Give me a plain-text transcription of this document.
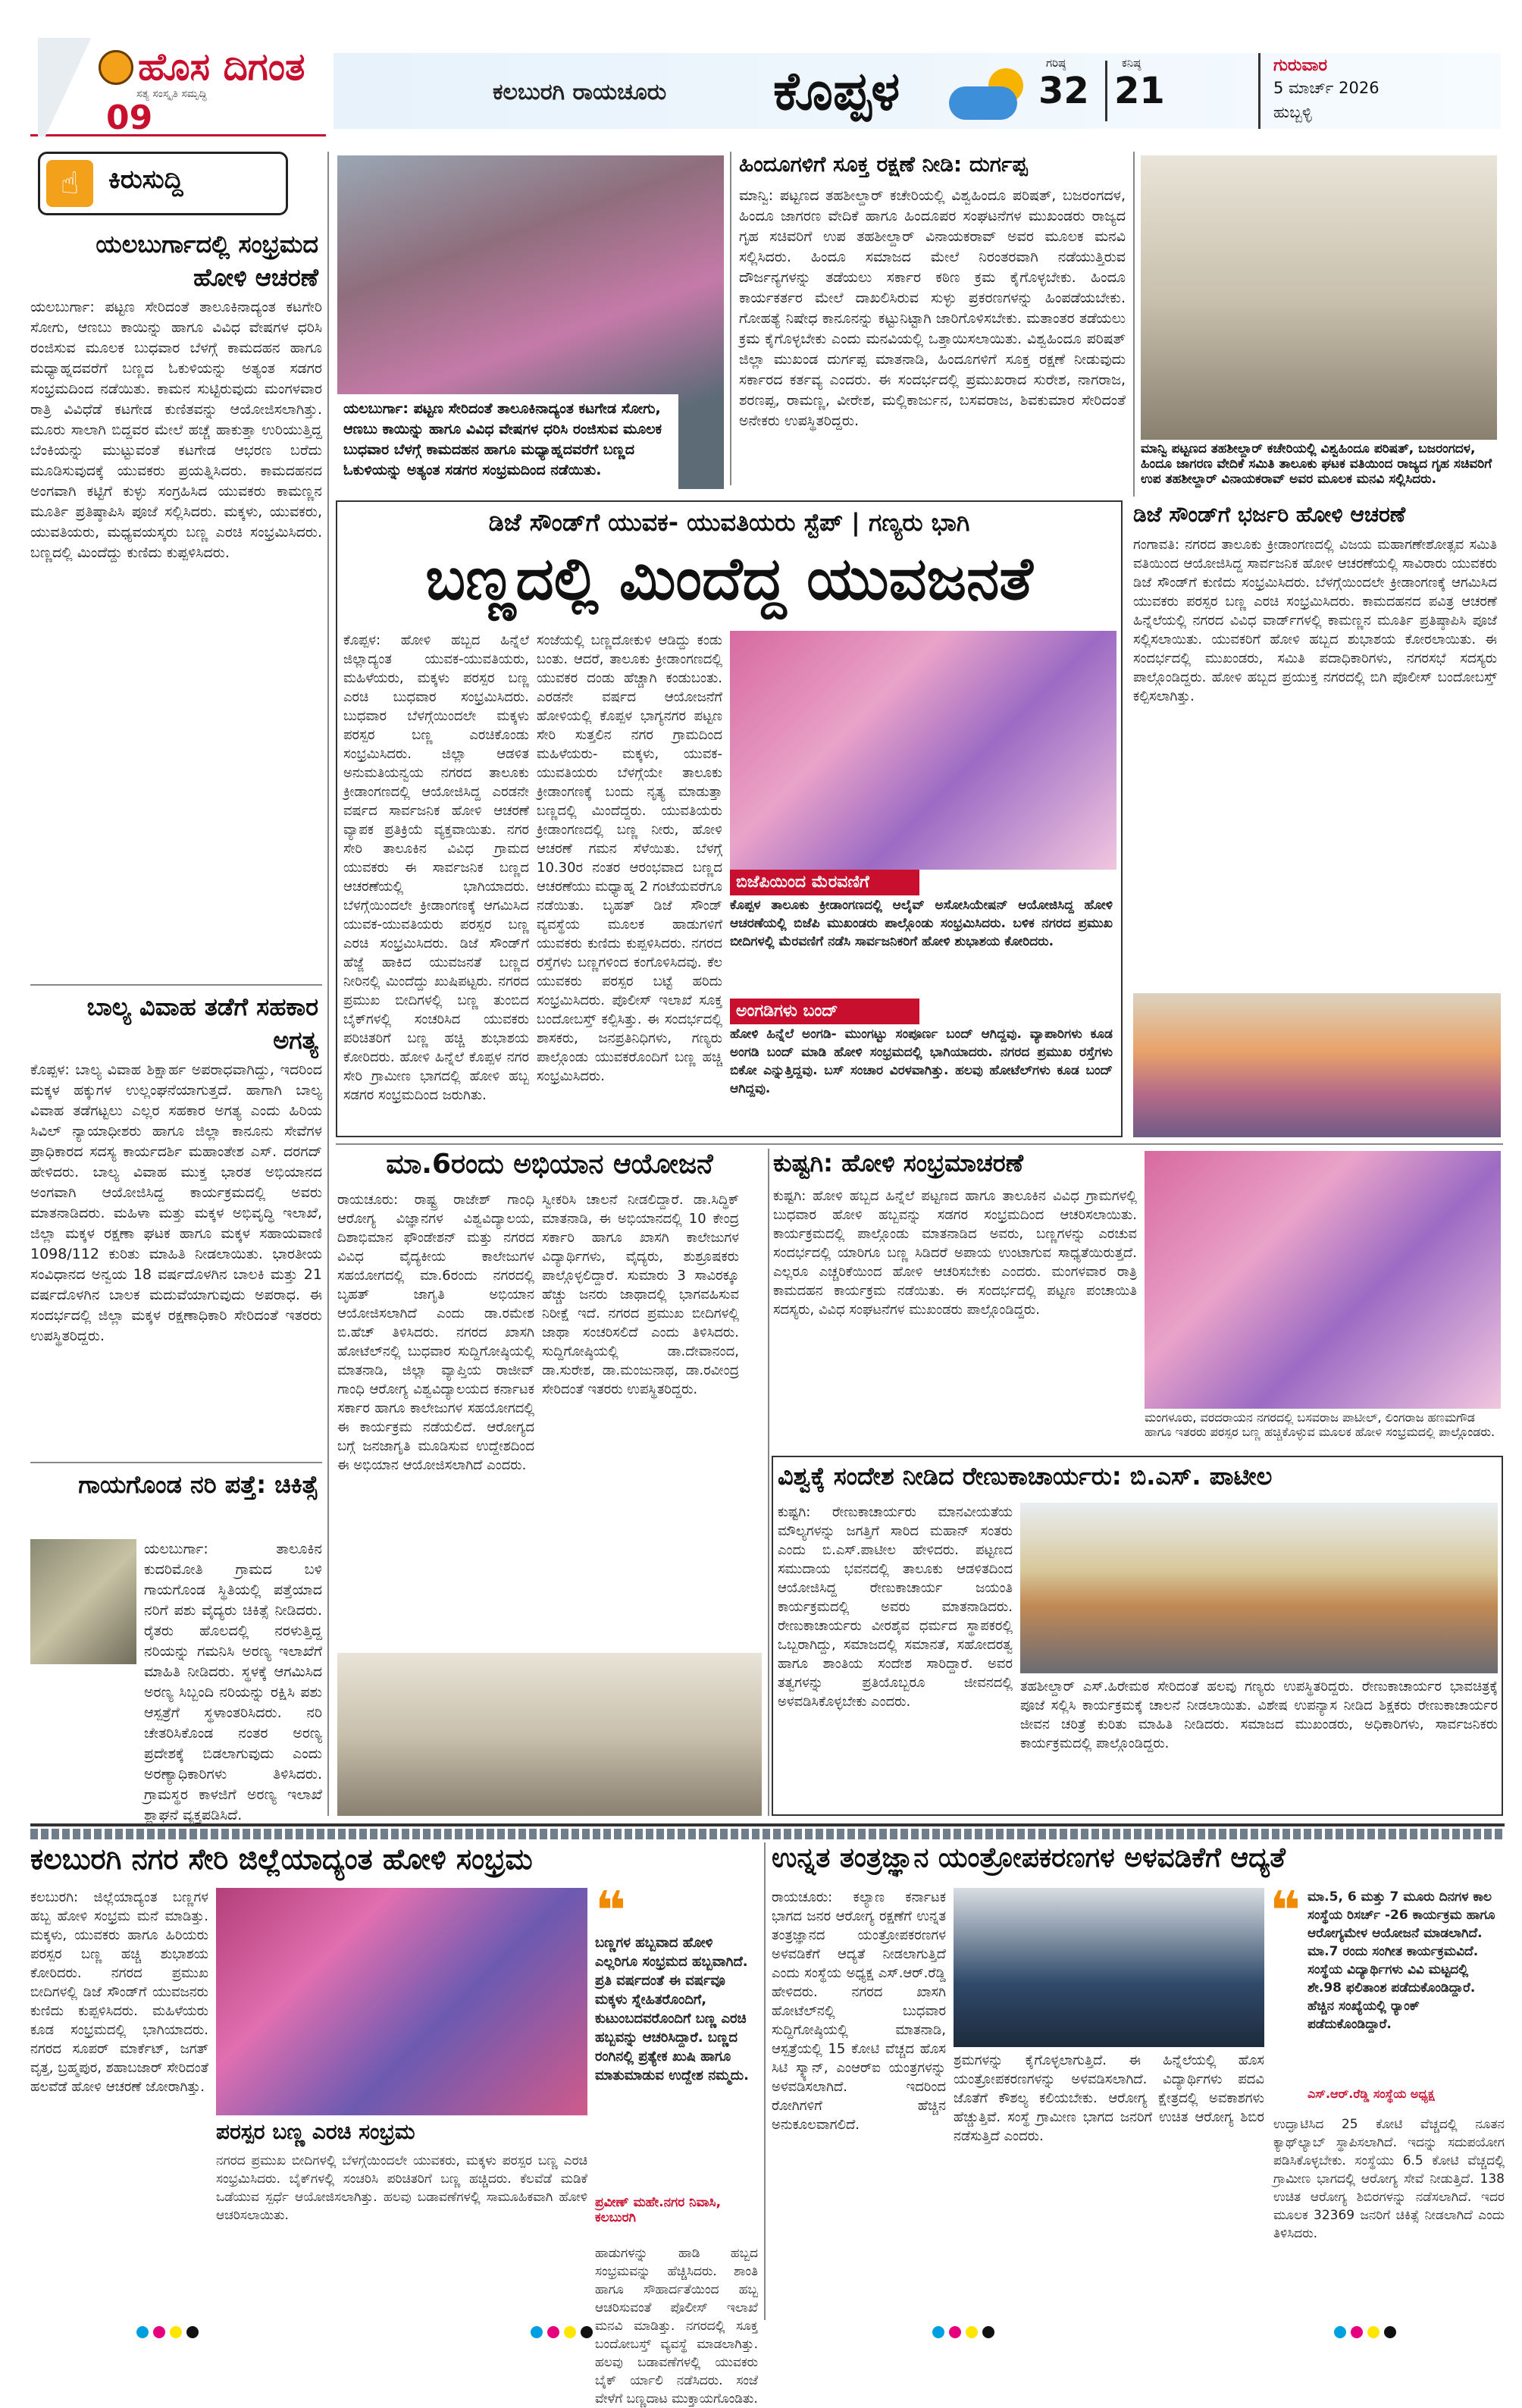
ಹೊಸ ದಿಗಂತ
ಸತ್ಯ ಸಂಸ್ಕೃತಿ ಸಮೃದ್ಧಿ
09
ಕಲಬುರಗಿ ರಾಯಚೂರು	ಕೊಪ್ಪಳ	ಗರಿಷ್ಠ
32
ಕನಿಷ್ಠ
21
ಗುರುವಾರ
5 ಮಾರ್ಚ್ 2026
ಹುಬ್ಬಳ್ಳಿ
☝	ಕಿರುಸುದ್ದಿ
ಯಲಬುರ್ಗಾದಲ್ಲಿ ಸಂಭ್ರಮದ ಹೋಳಿ ಆಚರಣೆ
ಯಲಬುರ್ಗಾ: ಪಟ್ಟಣ ಸೇರಿದಂತೆ ತಾಲೂಕಿನಾದ್ಯಂತ ಕಟಗೇರಿ ಸೋಗು, ಆಣಬು ಕಾಯಿನ್ನು ಹಾಗೂ ವಿವಿಧ ವೇಷಗಳ ಧರಿಸಿ ರಂಜಿಸುವ ಮೂಲಕ ಬುಧವಾರ ಬೆಳಗ್ಗೆ ಕಾಮದಹನ ಹಾಗೂ ಮಧ್ಯಾಹ್ನದವರೆಗೆ ಬಣ್ಣದ ಓಕುಳಿಯನ್ನು ಅತ್ಯಂತ ಸಡಗರ ಸಂಭ್ರಮದಿಂದ ನಡೆಯಿತು. ಕಾಮನ ಸುಟ್ಟಿರುವುದು ಮಂಗಳವಾರ ರಾತ್ರಿ ವಿವಿಧೆಡೆ ಕಟಗೇಡ ಕುಣಿತವನ್ನು ಆಯೋಜಿಸಲಾಗಿತ್ತು. ಮೂರು ಸಾಲಾಗಿ ಬಿದ್ದವರ ಮೇಲೆ ಹಚ್ಚೆ ಹಾಕುತ್ತಾ ಉರಿಯುತ್ತಿದ್ದ ಬೆಂಕಿಯನ್ನು ಮುಟ್ಟುವಂತೆ ಕಟಗೇಡ ಆಭರಣ ಬರೆದು ಮೂಡಿಸುವುದಕ್ಕೆ ಯುವಕರು ಪ್ರಯತ್ನಿಸಿದರು. ಕಾಮದಹನದ ಅಂಗವಾಗಿ ಕಟ್ಟಿಗೆ ಕುಳ್ಳು ಸಂಗ್ರಹಿಸಿದ ಯುವಕರು ಕಾಮಣ್ಣನ ಮೂರ್ತಿ ಪ್ರತಿಷ್ಠಾಪಿಸಿ ಪೂಜೆ ಸಲ್ಲಿಸಿದರು. ಮಕ್ಕಳು, ಯುವಕರು, ಯುವತಿಯರು, ಮಧ್ಯವಯಸ್ಕರು ಬಣ್ಣ ಎರಚಿ ಸಂಭ್ರಮಿಸಿದರು. ಬಣ್ಣದಲ್ಲಿ ಮಿಂದೆದ್ದು ಕುಣಿದು ಕುಪ್ಪಳಿಸಿದರು.
ಬಾಲ್ಯ ವಿವಾಹ ತಡೆಗೆ ಸಹಕಾರ ಅಗತ್ಯ
ಕೊಪ್ಪಳ: ಬಾಲ್ಯ ವಿವಾಹ ಶಿಕ್ಷಾರ್ಹ ಅಪರಾಧವಾಗಿದ್ದು, ಇದರಿಂದ ಮಕ್ಕಳ ಹಕ್ಕುಗಳ ಉಲ್ಲಂಘನೆಯಾಗುತ್ತದೆ. ಹಾಗಾಗಿ ಬಾಲ್ಯ ವಿವಾಹ ತಡೆಗಟ್ಟಲು ಎಲ್ಲರ ಸಹಕಾರ ಅಗತ್ಯ ಎಂದು ಹಿರಿಯ ಸಿವಿಲ್ ನ್ಯಾಯಾಧೀಶರು ಹಾಗೂ ಜಿಲ್ಲಾ ಕಾನೂನು ಸೇವೆಗಳ ಪ್ರಾಧಿಕಾರದ ಸದಸ್ಯ ಕಾರ್ಯದರ್ಶಿ ಮಹಾಂತೇಶ ಎಸ್. ದರಗದ್ ಹೇಳಿದರು. ಬಾಲ್ಯ ವಿವಾಹ ಮುಕ್ತ ಭಾರತ ಅಭಿಯಾನದ ಅಂಗವಾಗಿ ಆಯೋಜಿಸಿದ್ದ ಕಾರ್ಯಕ್ರಮದಲ್ಲಿ ಅವರು ಮಾತನಾಡಿದರು. ಮಹಿಳಾ ಮತ್ತು ಮಕ್ಕಳ ಅಭಿವೃದ್ಧಿ ಇಲಾಖೆ, ಜಿಲ್ಲಾ ಮಕ್ಕಳ ರಕ್ಷಣಾ ಘಟಕ ಹಾಗೂ ಮಕ್ಕಳ ಸಹಾಯವಾಣಿ 1098/112 ಕುರಿತು ಮಾಹಿತಿ ನೀಡಲಾಯಿತು. ಭಾರತೀಯ ಸಂವಿಧಾನದ ಅನ್ವಯ 18 ವರ್ಷದೊಳಗಿನ ಬಾಲಕಿ ಮತ್ತು 21 ವರ್ಷದೊಳಗಿನ ಬಾಲಕ ಮದುವೆಯಾಗುವುದು ಅಪರಾಧ. ಈ ಸಂದರ್ಭದಲ್ಲಿ ಜಿಲ್ಲಾ ಮಕ್ಕಳ ರಕ್ಷಣಾಧಿಕಾರಿ ಸೇರಿದಂತೆ ಇತರರು ಉಪಸ್ಥಿತರಿದ್ದರು.
ಗಾಯಗೊಂಡ ನರಿ ಪತ್ತೆ: ಚಿಕಿತ್ಸೆ
ಯಲಬುರ್ಗಾ: ತಾಲೂಕಿನ ಕುದರಿಮೋತಿ ಗ್ರಾಮದ ಬಳಿ ಗಾಯಗೊಂಡ ಸ್ಥಿತಿಯಲ್ಲಿ ಪತ್ತೆಯಾದ ನರಿಗೆ ಪಶು ವೈದ್ಯರು ಚಿಕಿತ್ಸೆ ನೀಡಿದರು. ರೈತರು ಹೊಲದಲ್ಲಿ ನರಳುತ್ತಿದ್ದ ನರಿಯನ್ನು ಗಮನಿಸಿ ಅರಣ್ಯ ಇಲಾಖೆಗೆ ಮಾಹಿತಿ ನೀಡಿದರು. ಸ್ಥಳಕ್ಕೆ ಆಗಮಿಸಿದ ಅರಣ್ಯ ಸಿಬ್ಬಂದಿ ನರಿಯನ್ನು ರಕ್ಷಿಸಿ ಪಶು ಆಸ್ಪತ್ರೆಗೆ ಸ್ಥಳಾಂತರಿಸಿದರು. ನರಿ ಚೇತರಿಸಿಕೊಂಡ ನಂತರ ಅರಣ್ಯ ಪ್ರದೇಶಕ್ಕೆ ಬಿಡಲಾಗುವುದು ಎಂದು ಅರಣ್ಯಾಧಿಕಾರಿಗಳು ತಿಳಿಸಿದರು. ಗ್ರಾಮಸ್ಥರ ಕಾಳಜಿಗೆ ಅರಣ್ಯ ಇಲಾಖೆ ಶ್ಲಾಘನೆ ವ್ಯಕ್ತಪಡಿಸಿದೆ.
ಯಲಬುರ್ಗಾ: ಪಟ್ಟಣ ಸೇರಿದಂತೆ ತಾಲೂಕಿನಾದ್ಯಂತ ಕಟಗೇಡ ಸೋಗು, ಆಣಬು ಕಾಯಿನ್ನು ಹಾಗೂ ವಿವಿಧ ವೇಷಗಳ ಧರಿಸಿ ರಂಜಿಸುವ ಮೂಲಕ ಬುಧವಾರ ಬೆಳಗ್ಗೆ ಕಾಮದಹನ ಹಾಗೂ ಮಧ್ಯಾಹ್ನದವರೆಗೆ ಬಣ್ಣದ ಓಕುಳಿಯನ್ನು ಅತ್ಯಂತ ಸಡಗರ ಸಂಭ್ರಮದಿಂದ ನಡೆಯಿತು.
ಹಿಂದೂಗಳಿಗೆ ಸೂಕ್ತ ರಕ್ಷಣೆ ನೀಡಿ: ದುರ್ಗಪ್ಪ
ಮಾನ್ವಿ: ಪಟ್ಟಣದ ತಹಶೀಲ್ದಾರ್ ಕಚೇರಿಯಲ್ಲಿ ವಿಶ್ವಹಿಂದೂ ಪರಿಷತ್, ಬಜರಂಗದಳ, ಹಿಂದೂ ಜಾಗರಣ ವೇದಿಕೆ ಹಾಗೂ ಹಿಂದೂಪರ ಸಂಘಟನೆಗಳ ಮುಖಂಡರು ರಾಜ್ಯದ ಗೃಹ ಸಚಿವರಿಗೆ ಉಪ ತಹಶೀಲ್ದಾರ್ ವಿನಾಯಕರಾವ್ ಅವರ ಮೂಲಕ ಮನವಿ ಸಲ್ಲಿಸಿದರು. ಹಿಂದೂ ಸಮಾಜದ ಮೇಲೆ ನಿರಂತರವಾಗಿ ನಡೆಯುತ್ತಿರುವ ದೌರ್ಜನ್ಯಗಳನ್ನು ತಡೆಯಲು ಸರ್ಕಾರ ಕಠಿಣ ಕ್ರಮ ಕೈಗೊಳ್ಳಬೇಕು. ಹಿಂದೂ ಕಾರ್ಯಕರ್ತರ ಮೇಲೆ ದಾಖಲಿಸಿರುವ ಸುಳ್ಳು ಪ್ರಕರಣಗಳನ್ನು ಹಿಂಪಡೆಯಬೇಕು. ಗೋಹತ್ಯೆ ನಿಷೇಧ ಕಾನೂನನ್ನು ಕಟ್ಟುನಿಟ್ಟಾಗಿ ಜಾರಿಗೊಳಿಸಬೇಕು. ಮತಾಂತರ ತಡೆಯಲು ಕ್ರಮ ಕೈಗೊಳ್ಳಬೇಕು ಎಂದು ಮನವಿಯಲ್ಲಿ ಒತ್ತಾಯಿಸಲಾಯಿತು. ವಿಶ್ವಹಿಂದೂ ಪರಿಷತ್ ಜಿಲ್ಲಾ ಮುಖಂಡ ದುರ್ಗಪ್ಪ ಮಾತನಾಡಿ, ಹಿಂದೂಗಳಿಗೆ ಸೂಕ್ತ ರಕ್ಷಣೆ ನೀಡುವುದು ಸರ್ಕಾರದ ಕರ್ತವ್ಯ ಎಂದರು. ಈ ಸಂದರ್ಭದಲ್ಲಿ ಪ್ರಮುಖರಾದ ಸುರೇಶ, ನಾಗರಾಜ, ಶರಣಪ್ಪ, ರಾಮಣ್ಣ, ವೀರೇಶ, ಮಲ್ಲಿಕಾರ್ಜುನ, ಬಸವರಾಜ, ಶಿವಕುಮಾರ ಸೇರಿದಂತೆ ಅನೇಕರು ಉಪಸ್ಥಿತರಿದ್ದರು.
ಮಾನ್ವಿ ಪಟ್ಟಣದ ತಹಶೀಲ್ದಾರ್ ಕಚೇರಿಯಲ್ಲಿ ವಿಶ್ವಹಿಂದೂ ಪರಿಷತ್, ಬಜರಂಗದಳ, ಹಿಂದೂ ಜಾಗರಣ ವೇದಿಕೆ ಸಮಿತಿ ತಾಲೂಕು ಘಟಕ ವತಿಯಿಂದ ರಾಜ್ಯದ ಗೃಹ ಸಚಿವರಿಗೆ ಉಪ ತಹಶೀಲ್ದಾರ್ ವಿನಾಯಕರಾವ್ ಅವರ ಮೂಲಕ ಮನವಿ ಸಲ್ಲಿಸಿದರು.
ಡಿಜೆ ಸೌಂಡ್‌ಗೆ ಯುವಕ- ಯುವತಿಯರು ಸ್ಟೆಪ್ | ಗಣ್ಯರು ಭಾಗಿ
ಬಣ್ಣದಲ್ಲಿ ಮಿಂದೆದ್ದ ಯುವಜನತೆ
ಕೊಪ್ಪಳ: ಹೋಳಿ ಹಬ್ಬದ ಹಿನ್ನೆಲೆ ಜಿಲ್ಲಾದ್ಯಂತ ಯುವಕ-ಯುವತಿಯರು, ಮಹಿಳೆಯರು, ಮಕ್ಕಳು ಪರಸ್ಪರ ಬಣ್ಣ ಎರಚಿ ಬುಧವಾರ ಸಂಭ್ರಮಿಸಿದರು. ಬುಧವಾರ ಬೆಳಗ್ಗೆಯಿಂದಲೇ ಮಕ್ಕಳು ಪರಸ್ಪರ ಬಣ್ಣ ಎರಚಿಕೊಂಡು ಸಂಭ್ರಮಿಸಿದರು. ಜಿಲ್ಲಾ ಆಡಳಿತ ಅನುಮತಿಯನ್ವಯ ನಗರದ ತಾಲೂಕು ಕ್ರೀಡಾಂಗಣದಲ್ಲಿ ಆಯೋಜಿಸಿದ್ದ ಎರಡನೇ ವರ್ಷದ ಸಾರ್ವಜನಿಕ ಹೋಳಿ ಆಚರಣೆ ವ್ಯಾಪಕ ಪ್ರತಿಕ್ರಿಯೆ ವ್ಯಕ್ತವಾಯಿತು. ನಗರ ಸೇರಿ ತಾಲೂಕಿನ ವಿವಿಧ ಗ್ರಾಮದ ಯುವಕರು ಈ ಸಾರ್ವಜನಿಕ ಬಣ್ಣದ ಆಚರಣೆಯಲ್ಲಿ ಭಾಗಿಯಾದರು. ಬೆಳಗ್ಗೆಯಿಂದಲೇ ಕ್ರೀಡಾಂಗಣಕ್ಕೆ ಆಗಮಿಸಿದ ಯುವಕ-ಯುವತಿಯರು ಪರಸ್ಪರ ಬಣ್ಣ ಎರಚಿ ಸಂಭ್ರಮಿಸಿದರು. ಡಿಜೆ ಸೌಂಡ್‌ಗೆ ಹೆಜ್ಜೆ ಹಾಕಿದ ಯುವಜನತೆ ಬಣ್ಣದ ನೀರಿನಲ್ಲಿ ಮಿಂದೆದ್ದು ಖುಷಿಪಟ್ಟರು. ನಗರದ ಪ್ರಮುಖ ಬೀದಿಗಳಲ್ಲಿ ಬಣ್ಣ ತುಂಬಿದ ಬೈಕ್‌ಗಳಲ್ಲಿ ಸಂಚರಿಸಿದ ಯುವಕರು ಪರಿಚಿತರಿಗೆ ಬಣ್ಣ ಹಚ್ಚಿ ಶುಭಾಶಯ ಕೋರಿದರು. ಹೋಳಿ ಹಿನ್ನೆಲೆ ಕೊಪ್ಪಳ ನಗರ ಸೇರಿ ಗ್ರಾಮೀಣ ಭಾಗದಲ್ಲಿ ಹೋಳಿ ಹಬ್ಬ ಸಡಗರ ಸಂಭ್ರಮದಿಂದ ಜರುಗಿತು.
ಸಂಜೆಯಲ್ಲಿ ಬಣ್ಣದೋಕುಳಿ ಆಡಿದ್ದು ಕಂಡು ಬಂತು. ಆದರೆ, ತಾಲೂಕು ಕ್ರೀಡಾಂಗಣದಲ್ಲಿ ಯುವಕರ ದಂಡು ಹೆಚ್ಚಾಗಿ ಕಂಡುಬಂತು. ಎರಡನೇ ವರ್ಷದ ಆಯೋಜನೆಗೆ ಹೋಳಿಯಲ್ಲಿ ಕೊಪ್ಪಳ ಭಾಗ್ಯನಗರ ಪಟ್ಟಣ ಸೇರಿ ಸುತ್ತಲಿನ ನಗರ ಗ್ರಾಮದಿಂದ ಮಹಿಳೆಯರು- ಮಕ್ಕಳು, ಯುವಕ-ಯುವತಿಯರು ಬೆಳಗ್ಗೆಯೇ ತಾಲೂಕು ಕ್ರೀಡಾಂಗಣಕ್ಕೆ ಬಂದು ನೃತ್ಯ ಮಾಡುತ್ತಾ ಬಣ್ಣದಲ್ಲಿ ಮಿಂದೆದ್ದರು. ಯುವತಿಯರು ಕ್ರೀಡಾಂಗಣದಲ್ಲಿ ಬಣ್ಣ ನೀರು, ಹೋಳಿ ಆಚರಣೆ ಗಮನ ಸೆಳೆಯಿತು. ಬೆಳಗ್ಗೆ 10.30ರ ನಂತರ ಆರಂಭವಾದ ಬಣ್ಣದ ಆಚರಣೆಯು ಮಧ್ಯಾಹ್ನ 2 ಗಂಟೆಯವರೆಗೂ ನಡೆಯಿತು. ಬೃಹತ್ ಡಿಜೆ ಸೌಂಡ್ ವ್ಯವಸ್ಥೆಯ ಮೂಲಕ ಹಾಡುಗಳಿಗೆ ಯುವಕರು ಕುಣಿದು ಕುಪ್ಪಳಿಸಿದರು. ನಗರದ ರಸ್ತೆಗಳು ಬಣ್ಣಗಳಿಂದ ಕಂಗೊಳಿಸಿದವು. ಕೆಲ ಯುವಕರು ಪರಸ್ಪರ ಬಟ್ಟೆ ಹರಿದು ಸಂಭ್ರಮಿಸಿದರು. ಪೊಲೀಸ್ ಇಲಾಖೆ ಸೂಕ್ತ ಬಂದೋಬಸ್ತ್ ಕಲ್ಪಿಸಿತ್ತು. ಈ ಸಂದರ್ಭದಲ್ಲಿ ಶಾಸಕರು, ಜನಪ್ರತಿನಿಧಿಗಳು, ಗಣ್ಯರು ಪಾಲ್ಗೊಂಡು ಯುವಕರೊಂದಿಗೆ ಬಣ್ಣ ಹಚ್ಚಿ ಸಂಭ್ರಮಿಸಿದರು.
ಬಿಜೆಪಿಯಿಂದ ಮೆರವಣಿಗೆ
ಕೊಪ್ಪಳ ತಾಲೂಕು ಕ್ರೀಡಾಂಗಣದಲ್ಲಿ ಆಲೈವ್ ಅಸೋಸಿಯೇಷನ್ ಆಯೋಜಿಸಿದ್ದ ಹೋಳಿ ಆಚರಣೆಯಲ್ಲಿ ಬಿಜೆಪಿ ಮುಖಂಡರು ಪಾಲ್ಗೊಂಡು ಸಂಭ್ರಮಿಸಿದರು. ಬಳಿಕ ನಗರದ ಪ್ರಮುಖ ಬೀದಿಗಳಲ್ಲಿ ಮೆರವಣಿಗೆ ನಡೆಸಿ ಸಾರ್ವಜನಿಕರಿಗೆ ಹೋಳಿ ಶುಭಾಶಯ ಕೋರಿದರು.
ಅಂಗಡಿಗಳು ಬಂದ್
ಹೋಳಿ ಹಿನ್ನೆಲೆ ಅಂಗಡಿ- ಮುಂಗಟ್ಟು ಸಂಪೂರ್ಣ ಬಂದ್ ಆಗಿದ್ದವು. ವ್ಯಾಪಾರಿಗಳು ಕೂಡ ಅಂಗಡಿ ಬಂದ್ ಮಾಡಿ ಹೋಳಿ ಸಂಭ್ರಮದಲ್ಲಿ ಭಾಗಿಯಾದರು. ನಗರದ ಪ್ರಮುಖ ರಸ್ತೆಗಳು ಬಿಕೋ ಎನ್ನುತ್ತಿದ್ದವು. ಬಸ್ ಸಂಚಾರ ವಿರಳವಾಗಿತ್ತು. ಹಲವು ಹೋಟೆಲ್‌ಗಳು ಕೂಡ ಬಂದ್ ಆಗಿದ್ದವು.
ಡಿಜೆ ಸೌಂಡ್‌ಗೆ ಭರ್ಜರಿ ಹೋಳಿ ಆಚರಣೆ
ಗಂಗಾವತಿ: ನಗರದ ತಾಲೂಕು ಕ್ರೀಡಾಂಗಣದಲ್ಲಿ ವಿಜಯ ಮಹಾಗಣೇಶೋತ್ಸವ ಸಮಿತಿ ವತಿಯಿಂದ ಆಯೋಜಿಸಿದ್ದ ಸಾರ್ವಜನಿಕ ಹೋಳಿ ಆಚರಣೆಯಲ್ಲಿ ಸಾವಿರಾರು ಯುವಕರು ಡಿಜೆ ಸೌಂಡ್‌ಗೆ ಕುಣಿದು ಸಂಭ್ರಮಿಸಿದರು. ಬೆಳಗ್ಗೆಯಿಂದಲೇ ಕ್ರೀಡಾಂಗಣಕ್ಕೆ ಆಗಮಿಸಿದ ಯುವಕರು ಪರಸ್ಪರ ಬಣ್ಣ ಎರಚಿ ಸಂಭ್ರಮಿಸಿದರು. ಕಾಮದಹನದ ಪವಿತ್ರ ಆಚರಣೆ ಹಿನ್ನೆಲೆಯಲ್ಲಿ ನಗರದ ವಿವಿಧ ವಾರ್ಡ್‌ಗಳಲ್ಲಿ ಕಾಮಣ್ಣನ ಮೂರ್ತಿ ಪ್ರತಿಷ್ಠಾಪಿಸಿ ಪೂಜೆ ಸಲ್ಲಿಸಲಾಯಿತು. ಯುವಕರಿಗೆ ಹೋಳಿ ಹಬ್ಬದ ಶುಭಾಶಯ ಕೋರಲಾಯಿತು. ಈ ಸಂದರ್ಭದಲ್ಲಿ ಮುಖಂಡರು, ಸಮಿತಿ ಪದಾಧಿಕಾರಿಗಳು, ನಗರಸಭೆ ಸದಸ್ಯರು ಪಾಲ್ಗೊಂಡಿದ್ದರು. ಹೋಳಿ ಹಬ್ಬದ ಪ್ರಯುಕ್ತ ನಗರದಲ್ಲಿ ಬಿಗಿ ಪೊಲೀಸ್ ಬಂದೋಬಸ್ತ್ ಕಲ್ಪಿಸಲಾಗಿತ್ತು.
ಮಾ.6ರಂದು ಅಭಿಯಾನ ಆಯೋಜನೆ
ರಾಯಚೂರು: ರಾಷ್ಟ್ರ ರಾಜೇಶ್ ಗಾಂಧಿ ಆರೋಗ್ಯ ವಿಜ್ಞಾನಗಳ ವಿಶ್ವವಿದ್ಯಾಲಯ, ದಿಶಾಭಿಮಾನ ಫೌಂಡೇಶನ್ ಮತ್ತು ನಗರದ ವಿವಿಧ ವೈದ್ಯಕೀಯ ಕಾಲೇಜುಗಳ ಸಹಯೋಗದಲ್ಲಿ ಮಾ.6ರಂದು ನಗರದಲ್ಲಿ ಬೃಹತ್ ಜಾಗೃತಿ ಅಭಿಯಾನ ಆಯೋಜಿಸಲಾಗಿದೆ ಎಂದು ಡಾ.ರಮೇಶ ಬಿ.ಹೆಚ್ ತಿಳಿಸಿದರು. ನಗರದ ಖಾಸಗಿ ಹೋಟೆಲ್‌ನಲ್ಲಿ ಬುಧವಾರ ಸುದ್ದಿಗೋಷ್ಠಿಯಲ್ಲಿ ಮಾತನಾಡಿ, ಜಿಲ್ಲಾ ವ್ಯಾಪ್ತಿಯ ರಾಜೀವ್ ಗಾಂಧಿ ಆರೋಗ್ಯ ವಿಶ್ವವಿದ್ಯಾಲಯದ ಕರ್ನಾಟಕ ಸರ್ಕಾರ ಹಾಗೂ ಕಾಲೇಜುಗಳ ಸಹಯೋಗದಲ್ಲಿ ಈ ಕಾರ್ಯಕ್ರಮ ನಡೆಯಲಿದೆ. ಆರೋಗ್ಯದ ಬಗ್ಗೆ ಜನಜಾಗೃತಿ ಮೂಡಿಸುವ ಉದ್ದೇಶದಿಂದ ಈ ಅಭಿಯಾನ ಆಯೋಜಿಸಲಾಗಿದೆ ಎಂದರು.
ಸ್ವೀಕರಿಸಿ ಚಾಲನೆ ನೀಡಲಿದ್ದಾರೆ. ಡಾ.ಸಿದ್ಧಿಕ್ ಮಾತನಾಡಿ, ಈ ಅಭಿಯಾನದಲ್ಲಿ 10 ಕೇಂದ್ರ ಸರ್ಕಾರಿ ಹಾಗೂ ಖಾಸಗಿ ಕಾಲೇಜುಗಳ ವಿದ್ಯಾರ್ಥಿಗಳು, ವೈದ್ಯರು, ಶುಶ್ರೂಷಕರು ಪಾಲ್ಗೊಳ್ಳಲಿದ್ದಾರೆ. ಸುಮಾರು 3 ಸಾವಿರಕ್ಕೂ ಹೆಚ್ಚು ಜನರು ಜಾಥಾದಲ್ಲಿ ಭಾಗವಹಿಸುವ ನಿರೀಕ್ಷೆ ಇದೆ. ನಗರದ ಪ್ರಮುಖ ಬೀದಿಗಳಲ್ಲಿ ಜಾಥಾ ಸಂಚರಿಸಲಿದೆ ಎಂದು ತಿಳಿಸಿದರು. ಸುದ್ದಿಗೋಷ್ಠಿಯಲ್ಲಿ ಡಾ.ದೇವಾನಂದ, ಡಾ.ಸುರೇಶ, ಡಾ.ಮಂಜುನಾಥ, ಡಾ.ರವೀಂದ್ರ ಸೇರಿದಂತೆ ಇತರರು ಉಪಸ್ಥಿತರಿದ್ದರು.
ಕುಷ್ಟಗಿ: ಹೋಳಿ ಸಂಭ್ರಮಾಚರಣೆ
ಕುಷ್ಟಗಿ: ಹೋಳಿ ಹಬ್ಬದ ಹಿನ್ನೆಲೆ ಪಟ್ಟಣದ ಹಾಗೂ ತಾಲೂಕಿನ ವಿವಿಧ ಗ್ರಾಮಗಳಲ್ಲಿ ಬುಧವಾರ ಹೋಳಿ ಹಬ್ಬವನ್ನು ಸಡಗರ ಸಂಭ್ರಮದಿಂದ ಆಚರಿಸಲಾಯಿತು. ಕಾರ್ಯಕ್ರಮದಲ್ಲಿ ಪಾಲ್ಗೊಂಡು ಮಾತನಾಡಿದ ಅವರು, ಬಣ್ಣಗಳನ್ನು ಎರಚುವ ಸಂದರ್ಭದಲ್ಲಿ ಯಾರಿಗೂ ಬಣ್ಣ ಸಿಡಿದರೆ ಅಪಾಯ ಉಂಟಾಗುವ ಸಾಧ್ಯತೆಯಿರುತ್ತದೆ. ಎಲ್ಲರೂ ಎಚ್ಚರಿಕೆಯಿಂದ ಹೋಳಿ ಆಚರಿಸಬೇಕು ಎಂದರು. ಮಂಗಳವಾರ ರಾತ್ರಿ ಕಾಮದಹನ ಕಾರ್ಯಕ್ರಮ ನಡೆಯಿತು. ಈ ಸಂದರ್ಭದಲ್ಲಿ ಪಟ್ಟಣ ಪಂಚಾಯಿತಿ ಸದಸ್ಯರು, ವಿವಿಧ ಸಂಘಟನೆಗಳ ಮುಖಂಡರು ಪಾಲ್ಗೊಂಡಿದ್ದರು.
ಮಂಗಳೂರು, ವರದರಾಯನ ನಗರದಲ್ಲಿ ಬಸವರಾಜ ಪಾಟೀಲ್, ಲಿಂಗರಾಜ ಹಣಮಗೌಡ ಹಾಗೂ ಇತರರು ಪರಸ್ಪರ ಬಣ್ಣ ಹಚ್ಚಿಕೊಳ್ಳುವ ಮೂಲಕ ಹೋಳಿ ಸಂಭ್ರಮದಲ್ಲಿ ಪಾಲ್ಗೊಂಡರು.
ವಿಶ್ವಕ್ಕೆ ಸಂದೇಶ ನೀಡಿದ ರೇಣುಕಾಚಾರ್ಯರು: ಬಿ.ಎಸ್. ಪಾಟೀಲ
ಕುಷ್ಟಗಿ: ರೇಣುಕಾಚಾರ್ಯರು ಮಾನವೀಯತೆಯ ಮೌಲ್ಯಗಳನ್ನು ಜಗತ್ತಿಗೆ ಸಾರಿದ ಮಹಾನ್ ಸಂತರು ಎಂದು ಬಿ.ಎಸ್.ಪಾಟೀಲ ಹೇಳಿದರು. ಪಟ್ಟಣದ ಸಮುದಾಯ ಭವನದಲ್ಲಿ ತಾಲೂಕು ಆಡಳಿತದಿಂದ ಆಯೋಜಿಸಿದ್ದ ರೇಣುಕಾಚಾರ್ಯ ಜಯಂತಿ ಕಾರ್ಯಕ್ರಮದಲ್ಲಿ ಅವರು ಮಾತನಾಡಿದರು. ರೇಣುಕಾಚಾರ್ಯರು ವೀರಶೈವ ಧರ್ಮದ ಸ್ಥಾಪಕರಲ್ಲಿ ಒಬ್ಬರಾಗಿದ್ದು, ಸಮಾಜದಲ್ಲಿ ಸಮಾನತೆ, ಸಹೋದರತ್ವ ಹಾಗೂ ಶಾಂತಿಯ ಸಂದೇಶ ಸಾರಿದ್ದಾರೆ. ಅವರ ತತ್ವಗಳನ್ನು ಪ್ರತಿಯೊಬ್ಬರೂ ಜೀವನದಲ್ಲಿ ಅಳವಡಿಸಿಕೊಳ್ಳಬೇಕು ಎಂದರು.
ತಹಶೀಲ್ದಾರ್ ಎಸ್.ಹಿರೇಮಠ ಸೇರಿದಂತೆ ಹಲವು ಗಣ್ಯರು ಉಪಸ್ಥಿತರಿದ್ದರು. ರೇಣುಕಾಚಾರ್ಯರ ಭಾವಚಿತ್ರಕ್ಕೆ ಪೂಜೆ ಸಲ್ಲಿಸಿ ಕಾರ್ಯಕ್ರಮಕ್ಕೆ ಚಾಲನೆ ನೀಡಲಾಯಿತು. ವಿಶೇಷ ಉಪನ್ಯಾಸ ನೀಡಿದ ಶಿಕ್ಷಕರು ರೇಣುಕಾಚಾರ್ಯರ ಜೀವನ ಚರಿತ್ರೆ ಕುರಿತು ಮಾಹಿತಿ ನೀಡಿದರು. ಸಮಾಜದ ಮುಖಂಡರು, ಅಧಿಕಾರಿಗಳು, ಸಾರ್ವಜನಿಕರು ಕಾರ್ಯಕ್ರಮದಲ್ಲಿ ಪಾಲ್ಗೊಂಡಿದ್ದರು.
ಕಲಬುರಗಿ ನಗರ ಸೇರಿ ಜಿಲ್ಲೆಯಾದ್ಯಂತ ಹೋಳಿ ಸಂಭ್ರಮ
ಕಲಬುರಗಿ: ಜಿಲ್ಲೆಯಾದ್ಯಂತ ಬಣ್ಣಗಳ ಹಬ್ಬ ಹೋಳಿ ಸಂಭ್ರಮ ಮನೆ ಮಾಡಿತ್ತು. ಮಕ್ಕಳು, ಯುವಕರು ಹಾಗೂ ಹಿರಿಯರು ಪರಸ್ಪರ ಬಣ್ಣ ಹಚ್ಚಿ ಶುಭಾಶಯ ಕೋರಿದರು. ನಗರದ ಪ್ರಮುಖ ಬೀದಿಗಳಲ್ಲಿ ಡಿಜೆ ಸೌಂಡ್‌ಗೆ ಯುವಜನರು ಕುಣಿದು ಕುಪ್ಪಳಿಸಿದರು. ಮಹಿಳೆಯರು ಕೂಡ ಸಂಭ್ರಮದಲ್ಲಿ ಭಾಗಿಯಾದರು. ನಗರದ ಸೂಪರ್ ಮಾರ್ಕೆಟ್, ಜಗತ್ ವೃತ್ತ, ಬ್ರಹ್ಮಪುರ, ಶಹಾಬಜಾರ್ ಸೇರಿದಂತೆ ಹಲವೆಡೆ ಹೋಳಿ ಆಚರಣೆ ಜೋರಾಗಿತ್ತು.
ಪರಸ್ಪರ ಬಣ್ಣ ಎರಚಿ ಸಂಭ್ರಮ
ನಗರದ ಪ್ರಮುಖ ಬೀದಿಗಳಲ್ಲಿ ಬೆಳಗ್ಗೆಯಿಂದಲೇ ಯುವಕರು, ಮಕ್ಕಳು ಪರಸ್ಪರ ಬಣ್ಣ ಎರಚಿ ಸಂಭ್ರಮಿಸಿದರು. ಬೈಕ್‌ಗಳಲ್ಲಿ ಸಂಚರಿಸಿ ಪರಿಚಿತರಿಗೆ ಬಣ್ಣ ಹಚ್ಚಿದರು. ಕೆಲವೆಡೆ ಮಡಿಕೆ ಒಡೆಯುವ ಸ್ಪರ್ಧೆ ಆಯೋಜಿಸಲಾಗಿತ್ತು. ಹಲವು ಬಡಾವಣೆಗಳಲ್ಲಿ ಸಾಮೂಹಿಕವಾಗಿ ಹೋಳಿ ಆಚರಿಸಲಾಯಿತು.
❝
ಬಣ್ಣಗಳ ಹಬ್ಬವಾದ ಹೋಳಿ ಎಲ್ಲರಿಗೂ ಸಂಭ್ರಮದ ಹಬ್ಬವಾಗಿದೆ. ಪ್ರತಿ ವರ್ಷದಂತೆ ಈ ವರ್ಷವೂ ಮಕ್ಕಳು ಸ್ನೇಹಿತರೊಂದಿಗೆ, ಕುಟುಂಬದವರೊಂದಿಗೆ ಬಣ್ಣ ಎರಚಿ ಹಬ್ಬವನ್ನು ಆಚರಿಸಿದ್ದಾರೆ. ಬಣ್ಣದ ರಂಗಿನಲ್ಲಿ ಪ್ರತ್ಯೇಕ ಖುಷಿ ಹಾಗೂ ಮಾತುಮಾಡುವ ಉದ್ದೇಶ ನಮ್ಮದು.
ಪ್ರವೀಣ್ ಮಹೇ.ನಗರ ನಿವಾಸಿ, ಕಲಬುರಗಿ
ಹಾಡುಗಳನ್ನು ಹಾಡಿ ಹಬ್ಬದ ಸಂಭ್ರಮವನ್ನು ಹೆಚ್ಚಿಸಿದರು. ಶಾಂತಿ ಹಾಗೂ ಸೌಹಾರ್ದತೆಯಿಂದ ಹಬ್ಬ ಆಚರಿಸುವಂತೆ ಪೊಲೀಸ್ ಇಲಾಖೆ ಮನವಿ ಮಾಡಿತ್ತು. ನಗರದಲ್ಲಿ ಸೂಕ್ತ ಬಂದೋಬಸ್ತ್ ವ್ಯವಸ್ಥೆ ಮಾಡಲಾಗಿತ್ತು. ಹಲವು ಬಡಾವಣೆಗಳಲ್ಲಿ ಯುವಕರು ಬೈಕ್ ರ್ಯಾಲಿ ನಡೆಸಿದರು. ಸಂಜೆ ವೇಳೆಗೆ ಬಣ್ಣದಾಟ ಮುಕ್ತಾಯಗೊಂಡಿತು.
ಉನ್ನತ ತಂತ್ರಜ್ಞಾನ ಯಂತ್ರೋಪಕರಣಗಳ ಅಳವಡಿಕೆಗೆ ಆದ್ಯತೆ
ರಾಯಚೂರು: ಕಲ್ಯಾಣ ಕರ್ನಾಟಕ ಭಾಗದ ಜನರ ಆರೋಗ್ಯ ರಕ್ಷಣೆಗೆ ಉನ್ನತ ತಂತ್ರಜ್ಞಾನದ ಯಂತ್ರೋಪಕರಣಗಳ ಅಳವಡಿಕೆಗೆ ಆದ್ಯತೆ ನೀಡಲಾಗುತ್ತಿದೆ ಎಂದು ಸಂಸ್ಥೆಯ ಅಧ್ಯಕ್ಷ ಎಸ್.ಆರ್.ರೆಡ್ಡಿ ಹೇಳಿದರು. ನಗರದ ಖಾಸಗಿ ಹೋಟೆಲ್‌ನಲ್ಲಿ ಬುಧವಾರ ಸುದ್ದಿಗೋಷ್ಠಿಯಲ್ಲಿ ಮಾತನಾಡಿ, ಆಸ್ಪತ್ರೆಯಲ್ಲಿ 15 ಕೋಟಿ ವೆಚ್ಚದ ಹೊಸ ಸಿಟಿ ಸ್ಕ್ಯಾನ್, ಎಂಆರ್‌ಐ ಯಂತ್ರಗಳನ್ನು ಅಳವಡಿಸಲಾಗಿದೆ. ಇದರಿಂದ ರೋಗಿಗಳಿಗೆ ಹೆಚ್ಚಿನ ಅನುಕೂಲವಾಗಲಿದೆ.
ಶ್ರಮಗಳನ್ನು ಕೈಗೊಳ್ಳಲಾಗುತ್ತಿದೆ. ಈ ಹಿನ್ನೆಲೆಯಲ್ಲಿ ಹೊಸ ಯಂತ್ರೋಪಕರಣಗಳನ್ನು ಅಳವಡಿಸಲಾಗಿದೆ. ವಿದ್ಯಾರ್ಥಿಗಳು ಪದವಿ ಜೊತೆಗೆ ಕೌಶಲ್ಯ ಕಲಿಯಬೇಕು. ಆರೋಗ್ಯ ಕ್ಷೇತ್ರದಲ್ಲಿ ಅವಕಾಶಗಳು ಹೆಚ್ಚುತ್ತಿವೆ. ಸಂಸ್ಥೆ ಗ್ರಾಮೀಣ ಭಾಗದ ಜನರಿಗೆ ಉಚಿತ ಆರೋಗ್ಯ ಶಿಬಿರ ನಡೆಸುತ್ತಿದೆ ಎಂದರು.
❝ ಮಾ.5, 6 ಮತ್ತು 7 ಮೂರು ದಿನಗಳ ಕಾಲ ಸಂಸ್ಥೆಯ ರಿಸರ್ಚ್ -26 ಕಾರ್ಯಕ್ರಮ ಹಾಗೂ ಆರೋಗ್ಯಮೇಳ ಆಯೋಜನೆ ಮಾಡಲಾಗಿದೆ. ಮಾ.7 ರಂದು ಸಂಗೀತ ಕಾರ್ಯಕ್ರಮವಿದೆ. ಸಂಸ್ಥೆಯ ವಿದ್ಯಾರ್ಥಿಗಳು ವಿವಿ ಮಟ್ಟದಲ್ಲಿ ಶೇ.98 ಫಲಿತಾಂಶ ಪಡೆದುಕೊಂಡಿದ್ದಾರೆ. ಹೆಚ್ಚಿನ ಸಂಖ್ಯೆಯಲ್ಲಿ ರ‍್ಯಾಂಕ್ ಪಡೆದುಕೊಂಡಿದ್ದಾರೆ.
ಎಸ್.ಆರ್.ರೆಡ್ಡಿ ಸಂಸ್ಥೆಯ ಅಧ್ಯಕ್ಷ
ಉದ್ಘಾಟಿಸಿದ 25 ಕೋಟಿ ವೆಚ್ಚದಲ್ಲಿ ನೂತನ ಕ್ಯಾಥ್‌ಲ್ಯಾಬ್ ಸ್ಥಾಪಿಸಲಾಗಿದೆ. ಇದನ್ನು ಸದುಪಯೋಗ ಪಡಿಸಿಕೊಳ್ಳಬೇಕು. ಸಂಸ್ಥೆಯು 6.5 ಕೋಟಿ ವೆಚ್ಚದಲ್ಲಿ ಗ್ರಾಮೀಣ ಭಾಗದಲ್ಲಿ ಆರೋಗ್ಯ ಸೇವೆ ನೀಡುತ್ತಿದೆ. 138 ಉಚಿತ ಆರೋಗ್ಯ ಶಿಬಿರಗಳನ್ನು ನಡೆಸಲಾಗಿದೆ. ಇದರ ಮೂಲಕ 32369 ಜನರಿಗೆ ಚಿಕಿತ್ಸೆ ನೀಡಲಾಗಿದೆ ಎಂದು ತಿಳಿಸಿದರು.
